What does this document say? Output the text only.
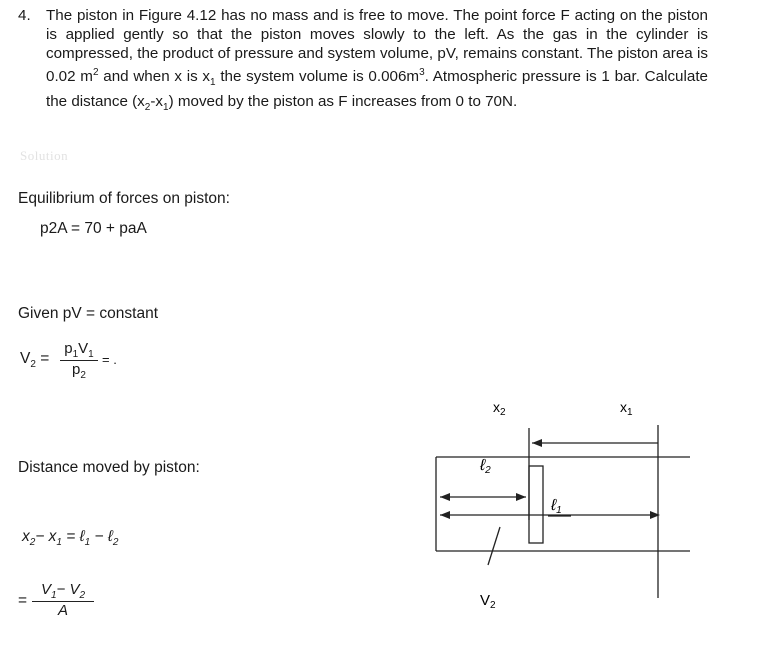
4. The piston in Figure 4.12 has no mass and is free to move. The point force F acting on the piston is applied gently so that the piston moves slowly to the left. As the gas in the cylinder is compressed, the product of pressure and system volume, pV, remains constant. The piston area is 0.02 $m^2$ and when x is $x_1$ the system volume is $0.006m^3$. Atmospheric pressure is 1 bar. Calculate the distance $(x_2-x_1)$ moved by the piston as F increases from 0 to 70N.
Solution
Equilibrium of forces on piston:
p2A = 70 + paA
Given pV = constant
$V_2$ =
$p_1V_1$
$p_2$
= .
Distance moved by piston:
$x_2- x_1$ = ℓ$_1$ − ℓ$_2$
=
$V_1- V_2$
A
$x_2$	$x_1$
ℓ2
ℓ1
$V_2$
